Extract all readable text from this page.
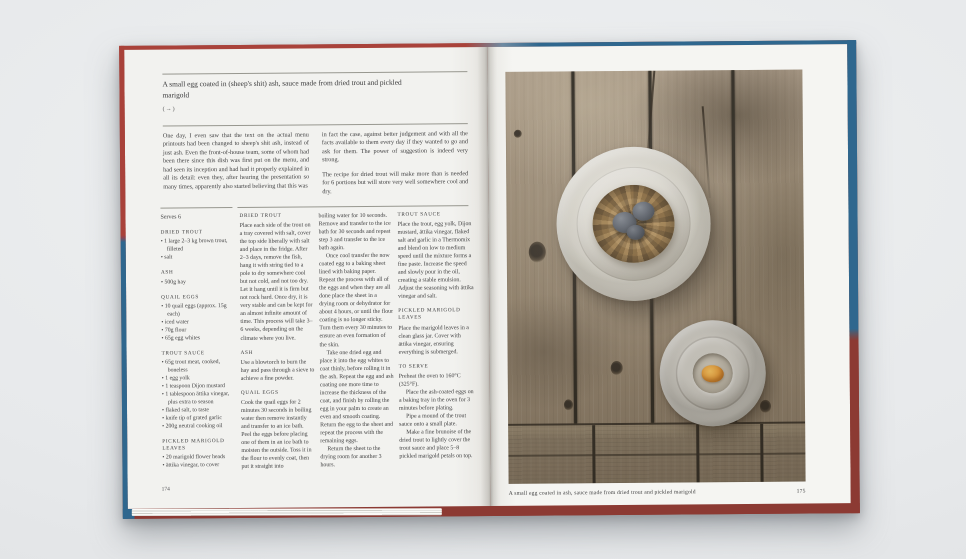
A small egg coated in (sheep's shit) ash, sauce made from dried trout and pickled marigold
(→)

One day, I even saw that the text on the actual menu printouts had been changed to sheep's shit ash, instead of just ash. Even the front-of-house team, some of whom had been there since this dish was first put on the menu, and had seen its inception and had had it properly explained in all its detail: even they, after hearing the presentation so many times, apparently also started believing that this was

in fact the case, against better judgement and with all the facts available to them every day if they wanted to go and ask for them. The power of suggestion is indeed very strong.

The recipe for dried trout will make more than is needed for 6 portions but will store very well somewhere cool and dry.

Serves 6
DRIED TROUT
• 1 large 2–3 kg brown trout, filleted
• salt
ASH
• 500g hay
QUAIL EGGS
• 10 quail eggs (approx. 15g each)
• iced water
• 70g flour
• 65g egg whites
TROUT SAUCE
• 65g trout meat, cooked, boneless
• 1 egg yolk
• 1 teaspoon Dijon mustard
• 1 tablespoon ättika vinegar, plus extra to season
• flaked salt, to taste
• knife tip of grated garlic
• 200g neutral cooking oil
PICKLED MARIGOLD LEAVES
• 20 marigold flower heads
• ättika vinegar, to cover
DRIED TROUT

Place each side of the trout on a tray covered with salt, cover the top side liberally with salt and place in the fridge. After 2–3 days, remove the fish, hang it with string tied to a pole to dry somewhere cool but not cold, and not too dry. Let it hang until it is firm but not rock hard. Once dry, it is very stable and can be kept for an almost infinite amount of time. This process will take 3–6 weeks, depending on the climate where you live.

ASH

Use a blowtorch to burn the hay and pass through a sieve to achieve a fine powder.

QUAIL EGGS

Cook the quail eggs for 2 minutes 30 seconds in boiling water then remove instantly and transfer to an ice bath. Peel the eggs before placing one of them in an ice bath to moisten the outside. Toss it in the flour to evenly coat, then put it straight into

boiling water for 10 seconds. Remove and transfer to the ice bath for 30 seconds and repeat step 3 and transfer to the ice bath again.

Once cool transfer the now coated egg to a baking sheet lined with baking paper. Repeat the process with all of the eggs and when they are all done place the sheet in a drying room or dehydrator for about 4 hours, or until the flour coating is no longer sticky. Turn them every 30 minutes to ensure an even formation of the skin.

Take one dried egg and place it into the egg whites to coat thinly, before rolling it in the ash. Repeat the egg and ash coating one more time to increase the thickness of the coat, and finish by rolling the egg in your palm to create an even and smooth coating. Return the egg to the sheet and repeat the process with the remaining eggs.

Return the sheet to the drying room for another 3 hours.

TROUT SAUCE

Place the trout, egg yolk, Dijon mustard, ättika vinegar, flaked salt and garlic in a Thermomix and blend on low to medium speed until the mixture forms a fine paste. Increase the speed and slowly pour in the oil, creating a stable emulsion. Adjust the seasoning with ättika vinegar and salt.

PICKLED MARIGOLD LEAVES

Place the marigold leaves in a clean glass jar. Cover with ättika vinegar, ensuring everything is submerged.

TO SERVE

Preheat the oven to 160°C (325°F).

Place the ash-coated eggs on a baking tray in the oven for 3 minutes before plating.

Pipe a mound of the trout sauce onto a small plate.

Make a fine brunoise of the dried trout to lightly cover the trout sauce and place 5–8 pickled marigold petals on top.

174	A small egg coated in ash, sauce made from dried trout and pickled marigold	175
